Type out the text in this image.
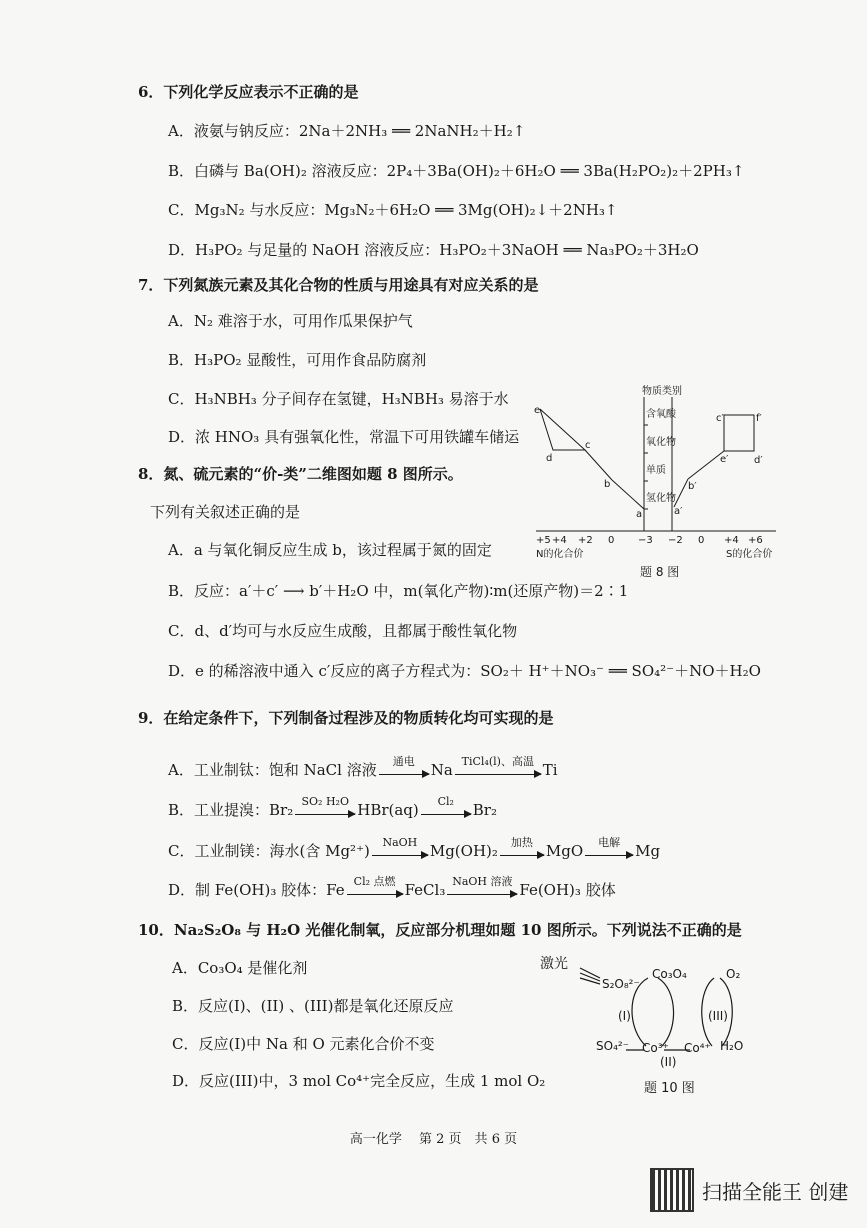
6．下列化学反应表示不正确的是
A．液氨与钠反应：2Na＋2NH₃ ══ 2NaNH₂＋H₂↑
B．白磷与 Ba(OH)₂ 溶液反应：2P₄＋3Ba(OH)₂＋6H₂O ══ 3Ba(H₂PO₂)₂＋2PH₃↑
C．Mg₃N₂ 与水反应：Mg₃N₂＋6H₂O ══ 3Mg(OH)₂↓＋2NH₃↑
D．H₃PO₂ 与足量的 NaOH 溶液反应：H₃PO₂＋3NaOH ══ Na₃PO₂＋3H₂O
7．下列氮族元素及其化合物的性质与用途具有对应关系的是
A．N₂ 难溶于水，可用作瓜果保护气
B．H₃PO₂ 显酸性，可用作食品防腐剂
C．H₃NBH₃ 分子间存在氢键，H₃NBH₃ 易溶于水
D．浓 HNO₃ 具有强氧化性，常温下可用铁罐车储运
8．氮、硫元素的“价-类”二维图如题 8 图所示。
下列有关叙述正确的是
A．a 与氧化铜反应生成 b，该过程属于氮的固定
B．反应：a′＋c′ ⟶ b′＋H₂O 中，m(氧化产物)∶m(还原产物)＝2∶1
C．d、d′均可与水反应生成酸，且都属于酸性氧化物
D．e 的稀溶液中通入 c′反应的离子方程式为：SO₂＋ H⁺＋NO₃⁻ ══ SO₄²⁻＋NO＋H₂O
物质类别
含氧酸
氧化物
单质
氢化物
e
d
c
b
a
c′	f′
e′	d′
b′
a′
+5 +4 +2 0 −3 −2 0 +4 +6
N的化合价	S的化合价
题 8 图
9．在给定条件下，下列制备过程涉及的物质转化均可实现的是
A．工业制钛：饱和 NaCl 溶液	通电	Na TiCl₄(l)、高温 Ti
B．工业提溴：Br₂ SO₂ H₂O HBr(aq)	Cl₂	Br₂
C．工业制镁：海水(含 Mg²⁺)	NaOH Mg(OH)₂	加热 MgO	电解	Mg
D．制 Fe(OH)₃ 胶体：Fe Cl₂ 点燃 FeCl₃ NaOH 溶液 Fe(OH)₃ 胶体
10．Na₂S₂O₈ 与 H₂O 光催化制氧，反应部分机理如题 10 图所示。下列说法不正确的是
A．Co₃O₄ 是催化剂
B．反应(I)、(II) 、(III)都是氧化还原反应
C．反应(I)中 Na 和 O 元素化合价不变
D．反应(III)中，3 mol Co⁴⁺完全反应，生成 1 mol O₂
激光
S₂O₈²⁻
Co₃O₄	O₂
(I)	(III)
SO₄²⁻ Co³⁺ Co⁴⁺ H₂O
(II)
题 10 图
高一化学　 第 2 页　共 6 页
扫描全能王 创建
